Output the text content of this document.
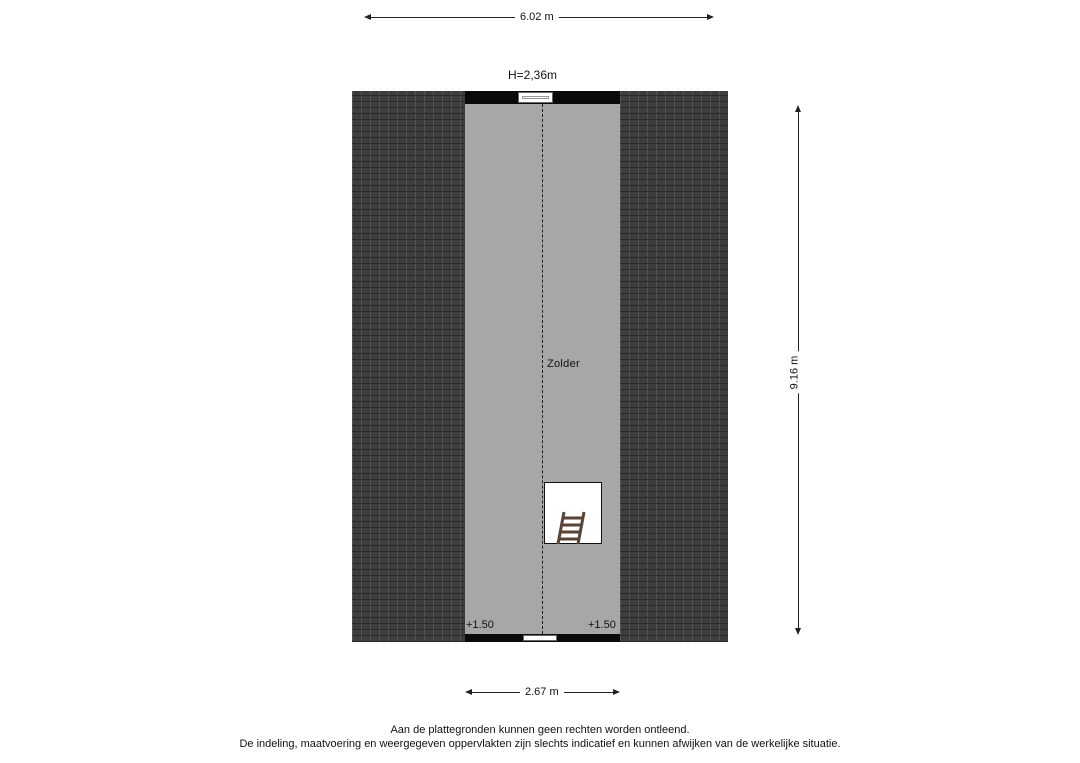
6.02 m
H=2,36m
Zolder
+1.50	+1.50
9.16 m
2.67 m
Aan de plattegronden kunnen geen rechten worden ontleend.
De indeling, maatvoering en weergegeven oppervlakten zijn slechts indicatief en kunnen afwijken van de werkelijke situatie.
